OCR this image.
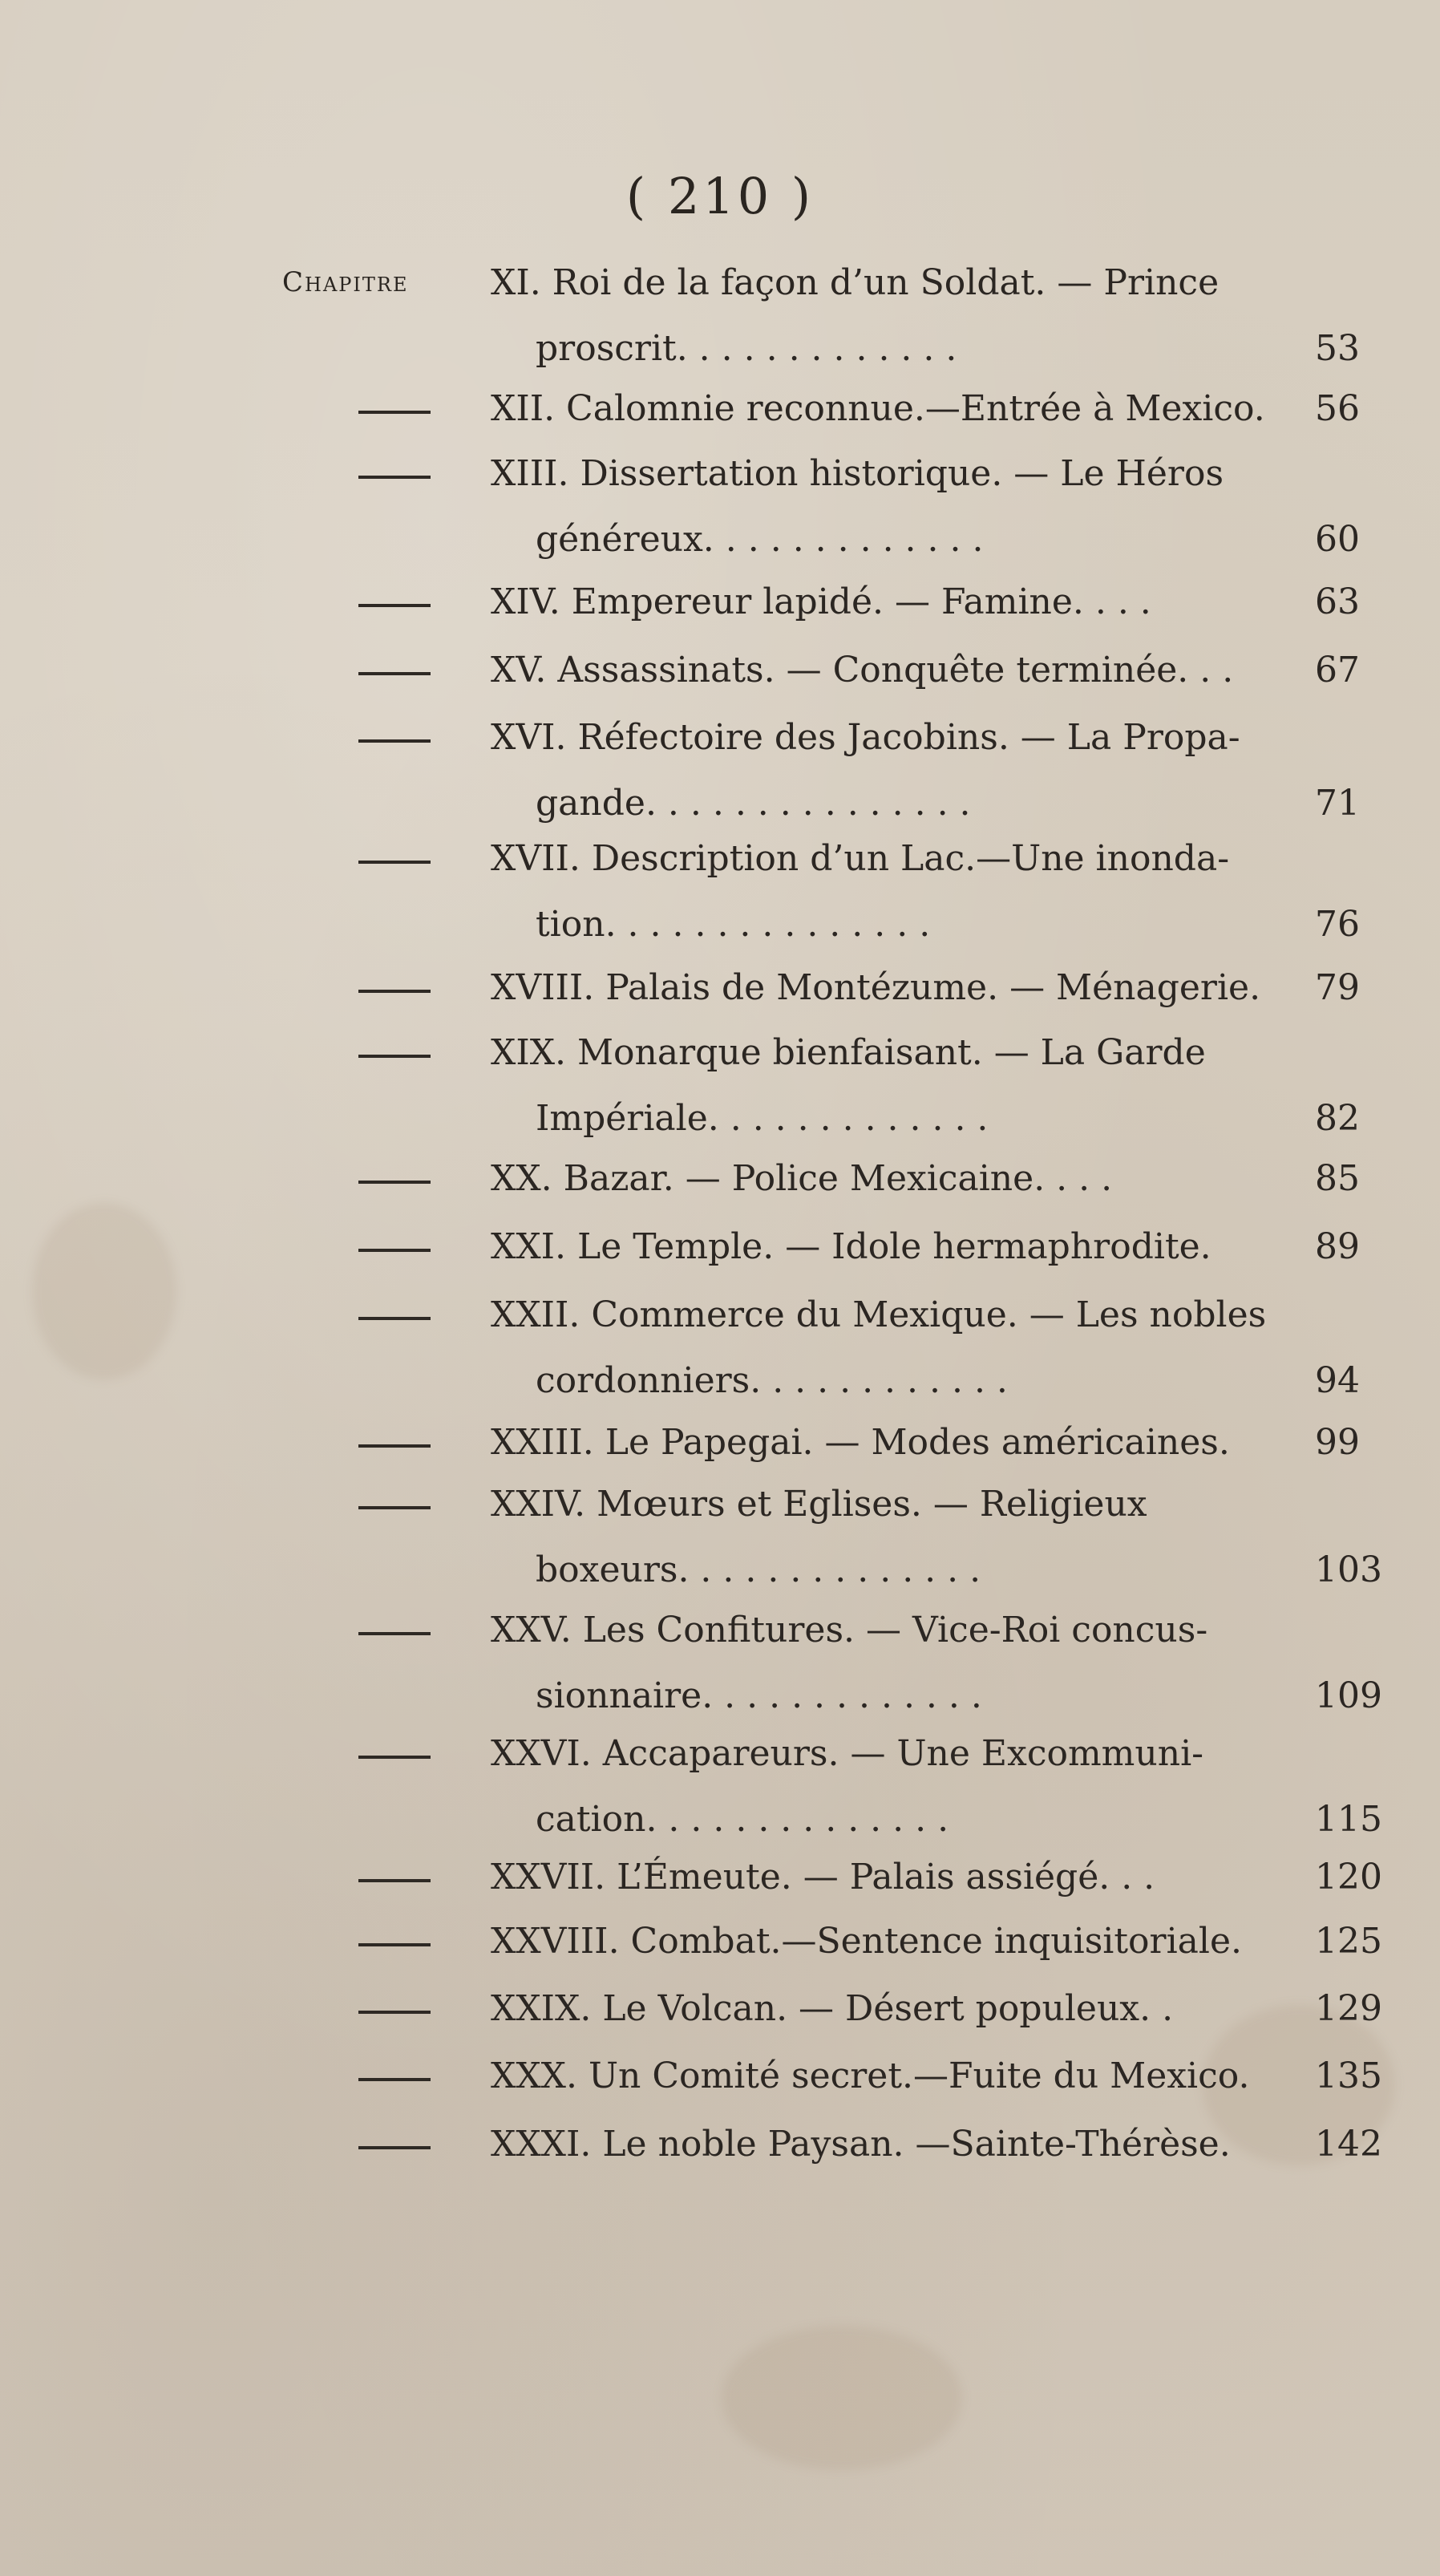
( 210 )
Chapitre XI. Roi de la façon d’un Soldat. — Prince
proscrit. . . . . . . . . . . . .	53
XII. Calomnie reconnue.—Entrée à Mexico.	56
XIII. Dissertation historique. — Le Héros
généreux. . . . . . . . . . . . .	60
XIV. Empereur lapidé. — Famine. . . .	63
XV. Assassinats. — Conquête terminée. . .	67
XVI. Réfectoire des Jacobins. — La Propa-
gande. . . . . . . . . . . . . . .	71
XVII. Description d’un Lac.—Une inonda-
tion. . . . . . . . . . . . . . .	76
XVIII. Palais de Montézume. — Ménagerie.	79
XIX. Monarque bienfaisant. — La Garde
Impériale. . . . . . . . . . . . .	82
XX. Bazar. — Police Mexicaine. . . .	85
XXI. Le Temple. — Idole hermaphrodite.	89
XXII. Commerce du Mexique. — Les nobles
cordonniers. . . . . . . . . . . .	94
XXIII. Le Papegai. — Modes américaines.	99
XXIV. Mœurs et Eglises. — Religieux
boxeurs. . . . . . . . . . . . . .	103
XXV. Les Confitures. — Vice-Roi concus-
sionnaire. . . . . . . . . . . . .	109
XXVI. Accapareurs. — Une Excommuni-
cation. . . . . . . . . . . . . .	115
XXVII. L’Émeute. — Palais assiégé. . .	120
XXVIII. Combat.—Sentence inquisitoriale.	125
XXIX. Le Volcan. — Désert populeux. .	129
XXX. Un Comité secret.—Fuite du Mexico.	135
XXXI. Le noble Paysan. —Sainte-Thérèse.	142
